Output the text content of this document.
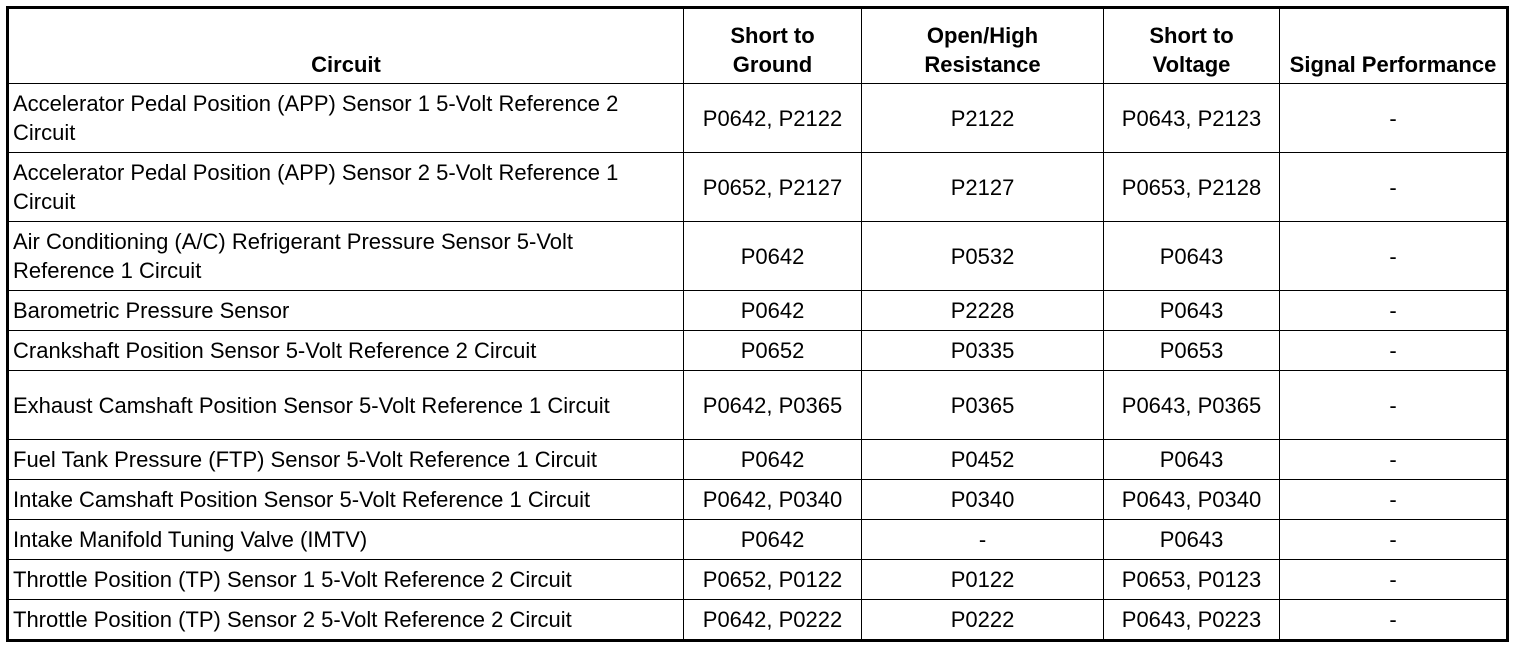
Circuit	Short to Ground	Open/High Resistance	Short to Voltage	Signal Performance
Accelerator Pedal Position (APP) Sensor 1 5-Volt Reference 2 Circuit	P0642, P2122	P2122	P0643, P2123	-
Accelerator Pedal Position (APP) Sensor 2 5-Volt Reference 1 Circuit	P0652, P2127	P2127	P0653, P2128	-
Air Conditioning (A/C) Refrigerant Pressure Sensor 5-Volt Reference 1 Circuit	P0642	P0532	P0643	-
Barometric Pressure Sensor	P0642	P2228	P0643	-
Crankshaft Position Sensor 5-Volt Reference 2 Circuit	P0652	P0335	P0653	-
Exhaust Camshaft Position Sensor 5-Volt Reference 1 Circuit	P0642, P0365	P0365	P0643, P0365	-
Fuel Tank Pressure (FTP) Sensor 5-Volt Reference 1 Circuit	P0642	P0452	P0643	-
Intake Camshaft Position Sensor 5-Volt Reference 1 Circuit	P0642, P0340	P0340	P0643, P0340	-
Intake Manifold Tuning Valve (IMTV)	P0642	-	P0643	-
Throttle Position (TP) Sensor 1 5-Volt Reference 2 Circuit	P0652, P0122	P0122	P0653, P0123	-
Throttle Position (TP) Sensor 2 5-Volt Reference 2 Circuit	P0642, P0222	P0222	P0643, P0223	-
